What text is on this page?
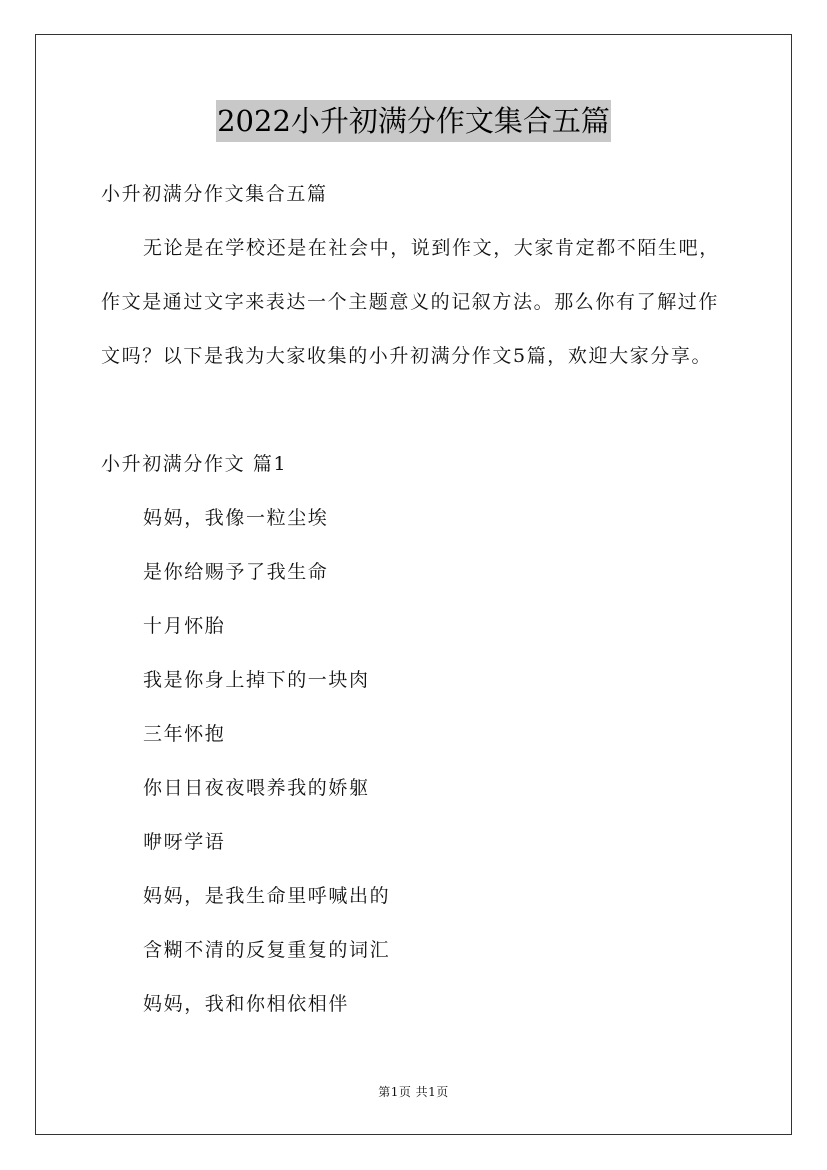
2022小升初满分作文集合五篇
小升初满分作文集合五篇
无论是在学校还是在社会中，说到作文，大家肯定都不陌生吧，
作文是通过文字来表达一个主题意义的记叙方法。那么你有了解过作
文吗？以下是我为大家收集的小升初满分作文5篇，欢迎大家分享。
小升初满分作文 篇1
妈妈，我像一粒尘埃
是你给赐予了我生命
十月怀胎
我是你身上掉下的一块肉
三年怀抱
你日日夜夜喂养我的娇躯
咿呀学语
妈妈，是我生命里呼喊出的
含糊不清的反复重复的词汇
妈妈，我和你相依相伴
第1页 共1页
